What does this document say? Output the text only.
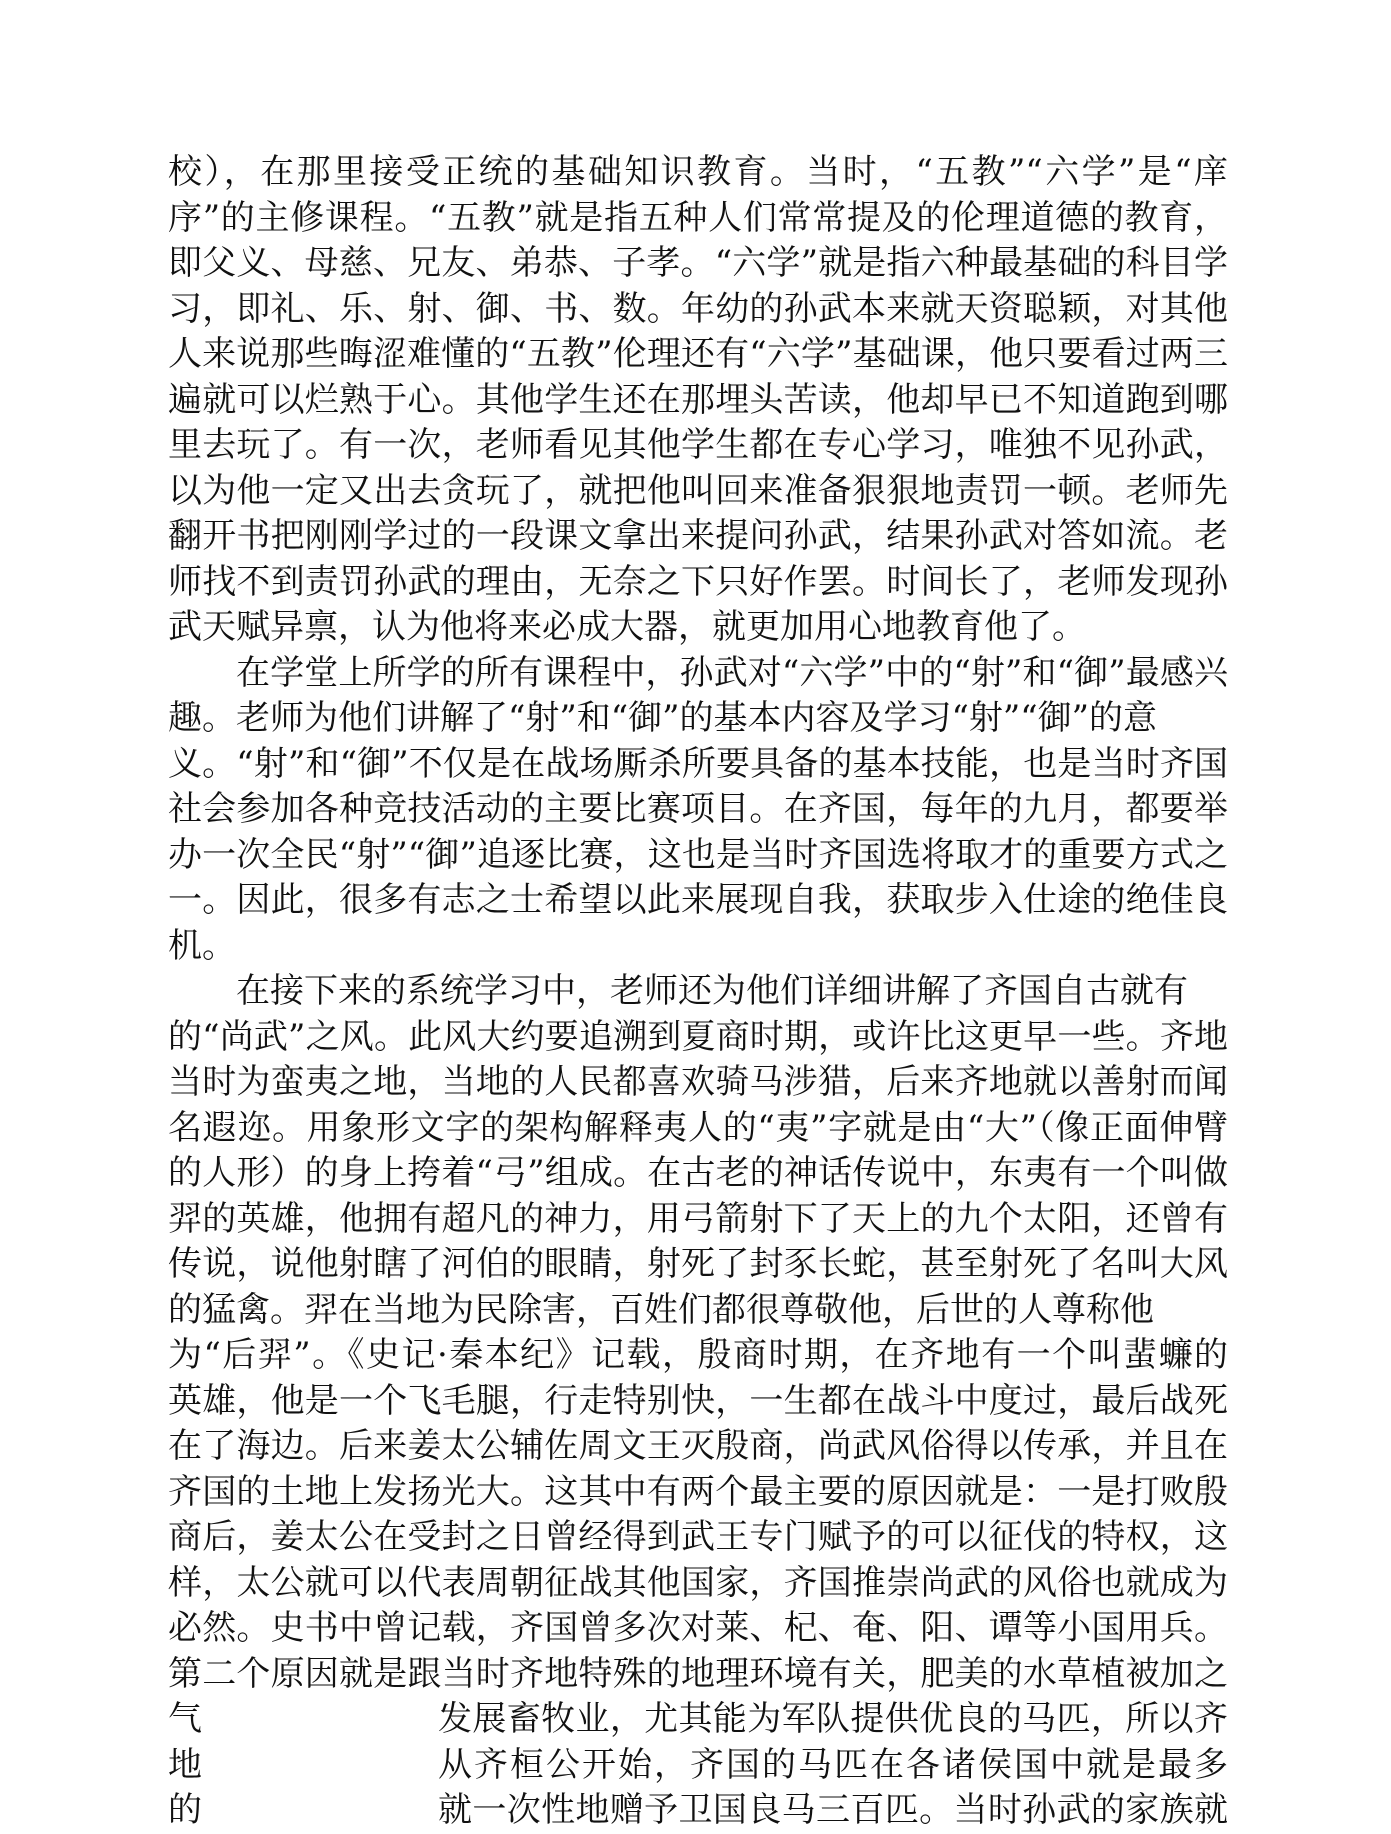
校），在那里接受正统的基础知识教育。当时，“五教”“六学”是“庠
序”的主修课程。“五教”就是指五种人们常常提及的伦理道德的教育，
即父义、母慈、兄友、弟恭、子孝。“六学”就是指六种最基础的科目学
习，即礼、乐、射、御、书、数。年幼的孙武本来就天资聪颖，对其他
人来说那些晦涩难懂的“五教”伦理还有“六学”基础课，他只要看过两三
遍就可以烂熟于心。其他学生还在那埋头苦读，他却早已不知道跑到哪
里去玩了。有一次，老师看见其他学生都在专心学习，唯独不见孙武，
以为他一定又出去贪玩了，就把他叫回来准备狠狠地责罚一顿。老师先
翻开书把刚刚学过的一段课文拿出来提问孙武，结果孙武对答如流。老
师找不到责罚孙武的理由，无奈之下只好作罢。时间长了，老师发现孙
武天赋异禀，认为他将来必成大器，就更加用心地教育他了。
在学堂上所学的所有课程中，孙武对“六学”中的“射”和“御”最感兴
趣。老师为他们讲解了“射”和“御”的基本内容及学习“射”“御”的意
义。“射”和“御”不仅是在战场厮杀所要具备的基本技能，也是当时齐国
社会参加各种竞技活动的主要比赛项目。在齐国，每年的九月，都要举
办一次全民“射”“御”追逐比赛，这也是当时齐国选将取才的重要方式之
一。因此，很多有志之士希望以此来展现自我，获取步入仕途的绝佳良
机。
在接下来的系统学习中，老师还为他们详细讲解了齐国自古就有
的“尚武”之风。此风大约要追溯到夏商时期，或许比这更早一些。齐地
当时为蛮夷之地，当地的人民都喜欢骑马涉猎，后来齐地就以善射而闻
名遐迩。用象形文字的架构解释夷人的“夷”字就是由“大”（像正面伸臂
的人形）的身上挎着“弓”组成。在古老的神话传说中，东夷有一个叫做
羿的英雄，他拥有超凡的神力，用弓箭射下了天上的九个太阳，还曾有
传说，说他射瞎了河伯的眼睛，射死了封豕长蛇，甚至射死了名叫大风
的猛禽。羿在当地为民除害，百姓们都很尊敬他，后世的人尊称他
为“后羿”。《史记·秦本纪》记载，殷商时期，在齐地有一个叫蜚蠊的
英雄，他是一个飞毛腿，行走特别快，一生都在战斗中度过，最后战死
在了海边。后来姜太公辅佐周文王灭殷商，尚武风俗得以传承，并且在
齐国的土地上发扬光大。这其中有两个最主要的原因就是：一是打败殷
商后，姜太公在受封之日曾经得到武王专门赋予的可以征伐的特权，这
样，太公就可以代表周朝征战其他国家，齐国推崇尚武的风俗也就成为
必然。史书中曾记载，齐国曾多次对莱、杞、奄、阳、谭等小国用兵。
第二个原因就是跟当时齐地特殊的地理环境有关，肥美的水草植被加之
气	发展畜牧业，尤其能为军队提供优良的马匹，所以齐
地	从齐桓公开始，齐国的马匹在各诸侯国中就是最多
的	就一次性地赠予卫国良马三百匹。当时孙武的家族就
